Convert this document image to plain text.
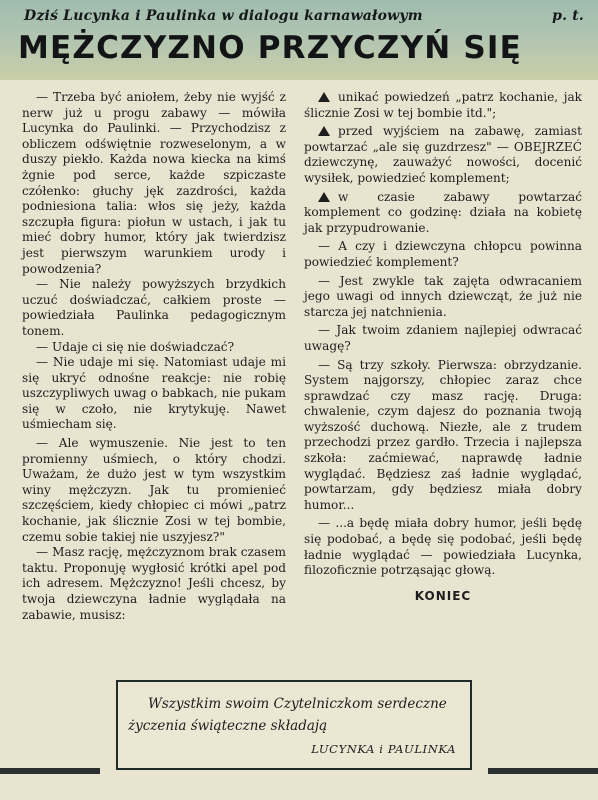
Dziś Lucynka i Paulinka w dialogu karnawałowym	p. t.
MĘŻCZYZNO PRZYCZYŃ SIĘ

— Trzeba być aniołem, żeby nie wyjść z nerw już u progu zabawy — mówiła Lucynka do Paulinki. — Przychodzisz z obliczem odświętnie rozweselonym, a w duszy piekło. Każda nowa kiecka na kimś żgnie pod serce, każde szpiczaste czółenko: głuchy jęk zazdrości, każda podniesiona talia: włos się jeży, każda szczupła figura: piołun w ustach, i jak tu mieć dobry humor, który jak twierdzisz jest pierwszym warunkiem urody i powodzenia?

— Nie należy powyższych brzydkich uczuć doświadczać, całkiem proste — powiedziała Paulinka pedagogicznym tonem.

— Udaje ci się nie doświadczać?

— Nie udaje mi się. Natomiast udaje mi się ukryć odnośne reakcje: nie robię uszczypliwych uwag o babkach, nie pukam się w czoło, nie krytykuję. Nawet uśmiecham się.

— Ale wymuszenie. Nie jest to ten promienny uśmiech, o który chodzi. Uważam, że dużo jest w tym wszystkim winy mężczyzn. Jak tu promienieć szczęściem, kiedy chłopiec ci mówi „patrz kochanie, jak ślicznie Zosi w tej bombie, czemu sobie takiej nie uszyjesz?"

— Masz rację, mężczyznom brak czasem taktu. Proponuję wygłosić krótki apel pod ich adresem. Mężczyzno! Jeśli chcesz, by twoja dziewczyna ładnie wyglądała na zabawie, musisz:

unikać powiedzeń „patrz kochanie, jak ślicznie Zosi w tej bombie itd.";

przed wyjściem na zabawę, zamiast powtarzać „ale się guzdrzesz" — OBEJRZEĆ dziewczynę, zauważyć nowości, docenić wysiłek, powiedzieć komplement;

w czasie zabawy powtarzać komplement co godzinę: działa na kobietę jak przypudrowanie.

— A czy i dziewczyna chłopcu powinna powiedzieć komplement?

— Jest zwykle tak zajęta odwracaniem jego uwagi od innych dziewcząt, że już nie starcza jej natchnienia.

— Jak twoim zdaniem najlepiej odwracać uwagę?

— Są trzy szkoły. Pierwsza: obrzydzanie. System najgorszy, chłopiec zaraz chce sprawdzać czy masz rację. Druga: chwalenie, czym dajesz do poznania twoją wyższość duchową. Niezłe, ale z trudem przechodzi przez gardło. Trzecia i najlepsza szkoła: zaćmiewać, naprawdę ładnie wyglądać. Będziesz zaś ładnie wyglądać, powtarzam, gdy będziesz miała dobry humor...

— ...a będę miała dobry humor, jeśli będę się podobać, a będę się podobać, jeśli będę ładnie wyglądać — powiedziała Lucynka, filozoficznie potrząsając głową.

KONIEC
Wszystkim swoim Czytelniczkom serdeczne
życzenia świąteczne składają
LUCYNKA i PAULINKA
